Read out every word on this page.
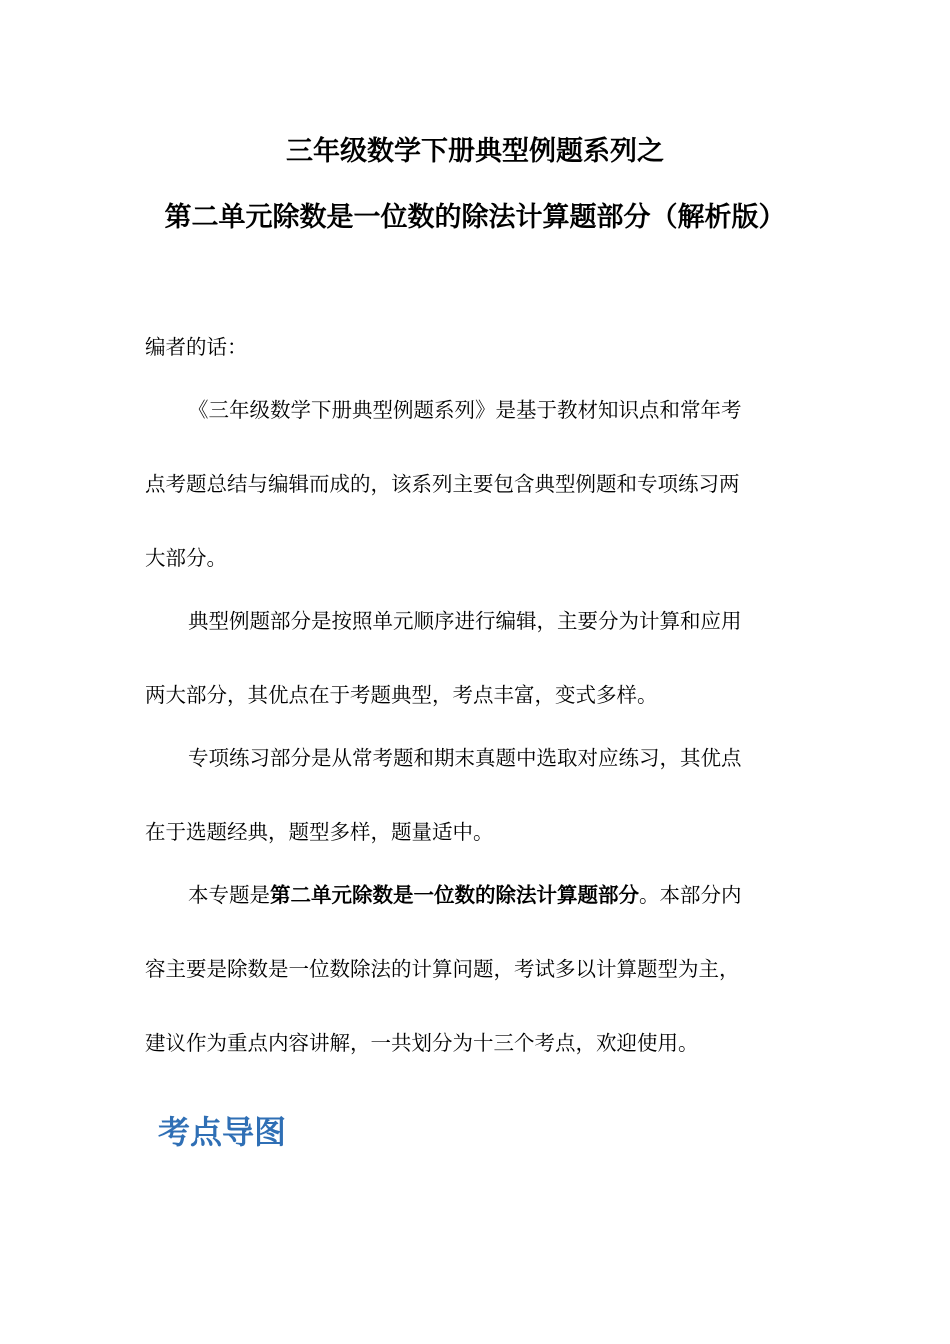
三年级数学下册典型例题系列之
第二单元除数是一位数的除法计算题部分（解析版）

编者的话：

《三年级数学下册典型例题系列》是基于教材知识点和常年考

点考题总结与编辑而成的，该系列主要包含典型例题和专项练习两

大部分。

典型例题部分是按照单元顺序进行编辑，主要分为计算和应用

两大部分，其优点在于考题典型，考点丰富，变式多样。

专项练习部分是从常考题和期末真题中选取对应练习，其优点

在于选题经典，题型多样，题量适中。

本专题是第二单元除数是一位数的除法计算题部分。本部分内

容主要是除数是一位数除法的计算问题，考试多以计算题型为主，

建议作为重点内容讲解，一共划分为十三个考点，欢迎使用。

考点导图
